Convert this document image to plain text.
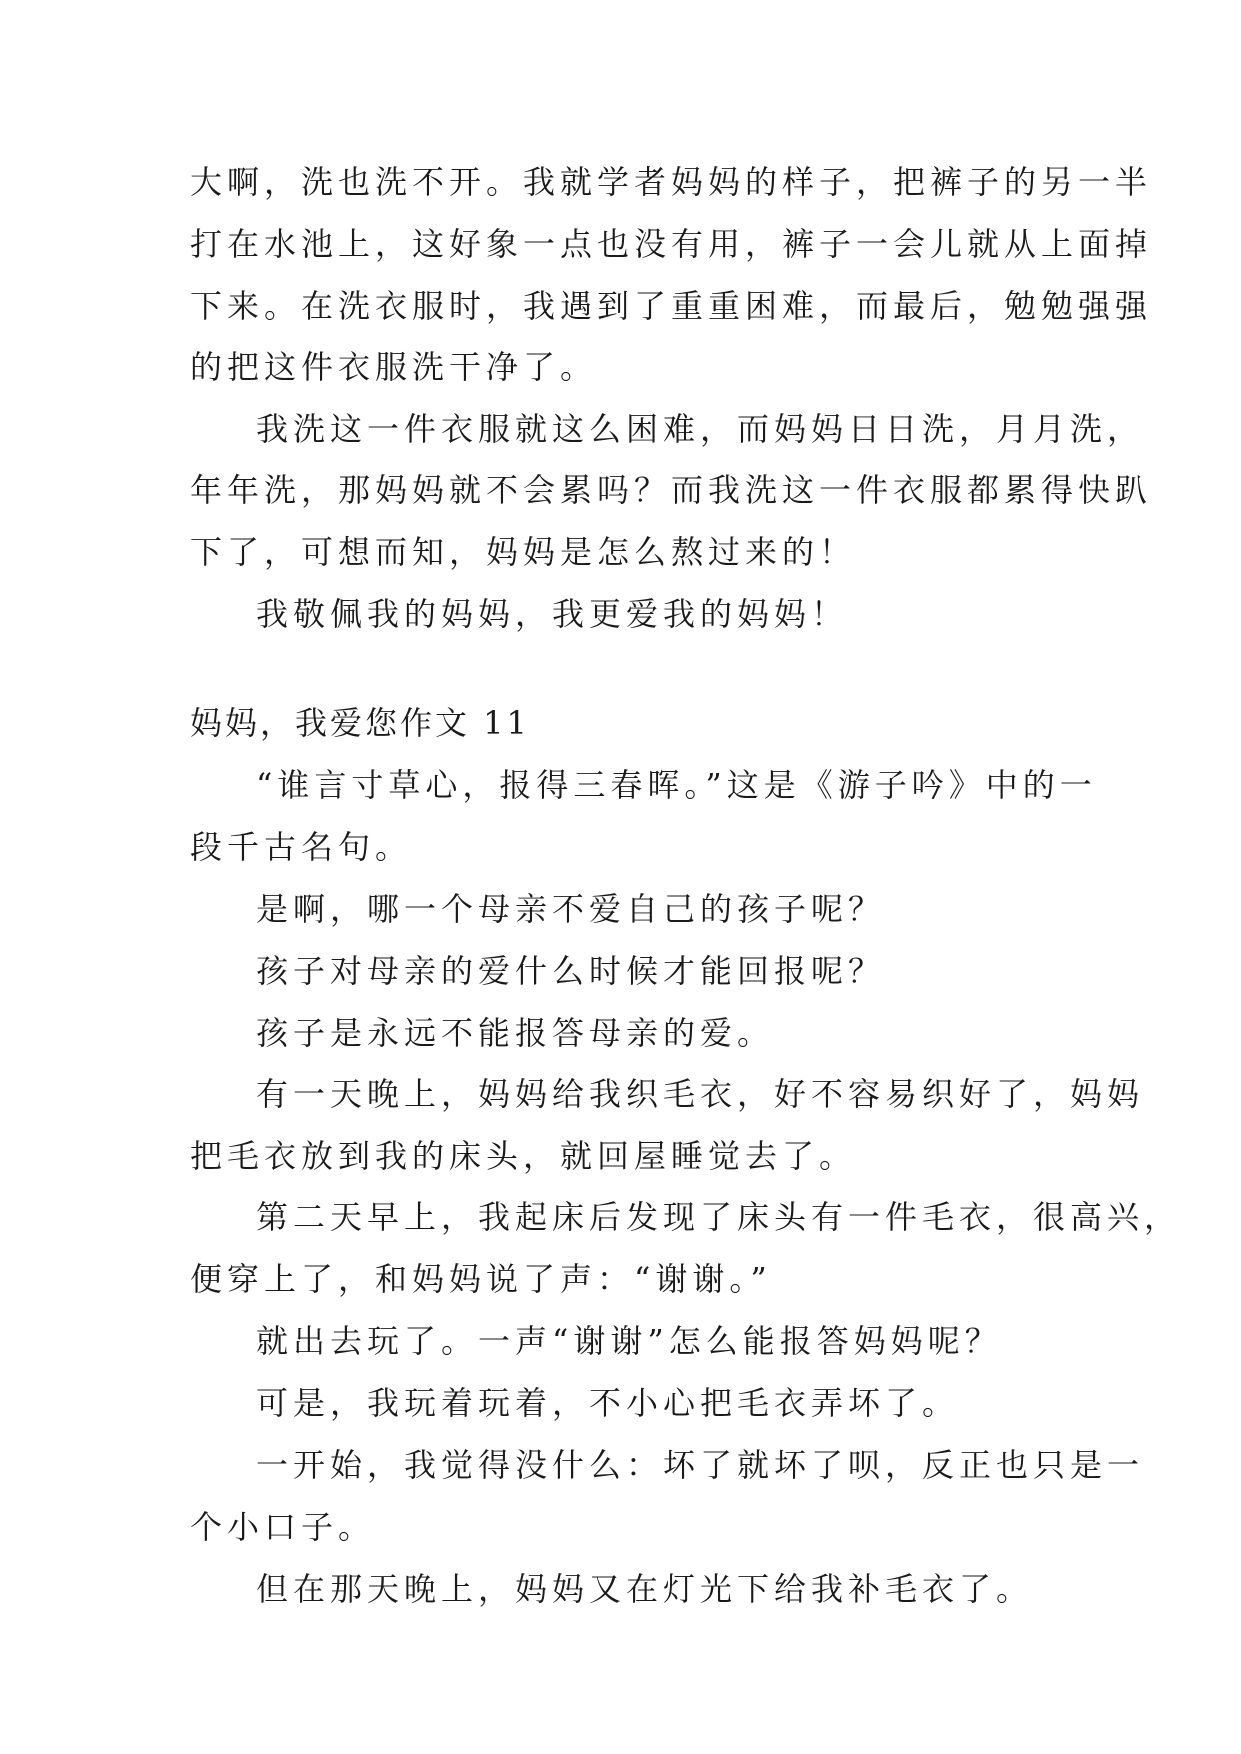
大啊，洗也洗不开。我就学者妈妈的样子，把裤子的另一半
打在水池上，这好象一点也没有用，裤子一会儿就从上面掉
下来。在洗衣服时，我遇到了重重困难，而最后，勉勉强强
的把这件衣服洗干净了。
我洗这一件衣服就这么困难，而妈妈日日洗，月月洗，
年年洗，那妈妈就不会累吗？而我洗这一件衣服都累得快趴
下了，可想而知，妈妈是怎么熬过来的！
我敬佩我的妈妈，我更爱我的妈妈！
妈妈，我爱您作文 11
“谁言寸草心，报得三春晖。”这是《游子吟》中的一
段千古名句。
是啊，哪一个母亲不爱自己的孩子呢？
孩子对母亲的爱什么时候才能回报呢？
孩子是永远不能报答母亲的爱。
有一天晚上，妈妈给我织毛衣，好不容易织好了，妈妈
把毛衣放到我的床头，就回屋睡觉去了。
第二天早上，我起床后发现了床头有一件毛衣，很高兴，
便穿上了，和妈妈说了声：“谢谢。”
就出去玩了。一声“谢谢”怎么能报答妈妈呢？
可是，我玩着玩着，不小心把毛衣弄坏了。
一开始，我觉得没什么：坏了就坏了呗，反正也只是一
个小口子。
但在那天晚上，妈妈又在灯光下给我补毛衣了。
